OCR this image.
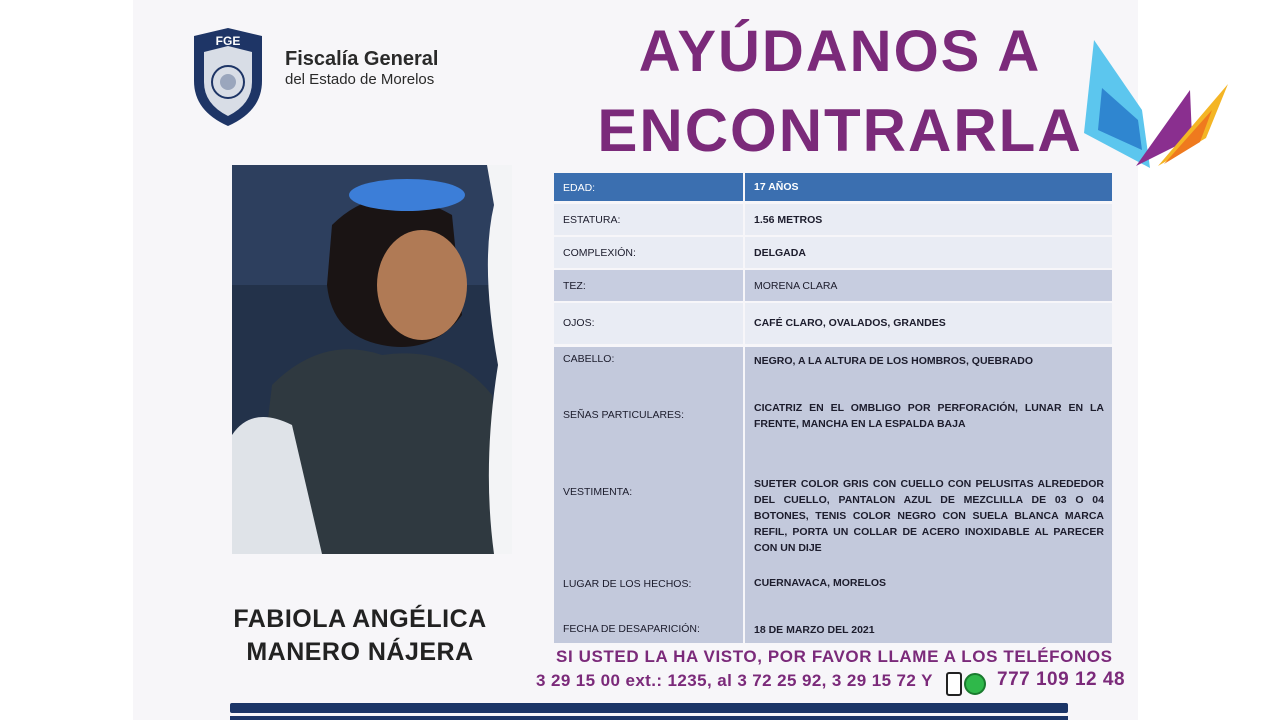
FGE
Fiscalía General
del Estado de Morelos	AYÚDANOS A
ENCONTRARLA
FABIOLA ANGÉLICA
MANERO NÁJERA
EDAD:	17 AÑOS
ESTATURA:	1.56 METROS
COMPLEXIÓN:	DELGADA
TEZ:	MORENA CLARA
OJOS:	CAFÉ CLARO, OVALADOS, GRANDES
CABELLO:	NEGRO, A LA ALTURA DE LOS HOMBROS, QUEBRADO
SEÑAS PARTICULARES:
CICATRIZ EN EL OMBLIGO POR PERFORACIÓN, LUNAR EN LA FRENTE, MANCHA EN LA ESPALDA BAJA
VESTIMENTA:
SUETER COLOR GRIS CON CUELLO CON PELUSITAS ALREDEDOR DEL CUELLO, PANTALON AZUL DE MEZCLILLA DE 03 O 04 BOTONES, TENIS COLOR NEGRO CON SUELA BLANCA MARCA REFIL, PORTA UN COLLAR DE ACERO INOXIDABLE AL PARECER CON UN DIJE
LUGAR DE LOS HECHOS:	CUERNAVACA, MORELOS
FECHA DE DESAPARICIÓN:	18 DE MARZO DEL 2021
SI USTED LA HA VISTO, POR FAVOR LLAME A LOS TELÉFONOS
3 29 15 00 ext.: 1235, al 3 72 25 92, 3 29 15 72 Y	777 109 12 48
